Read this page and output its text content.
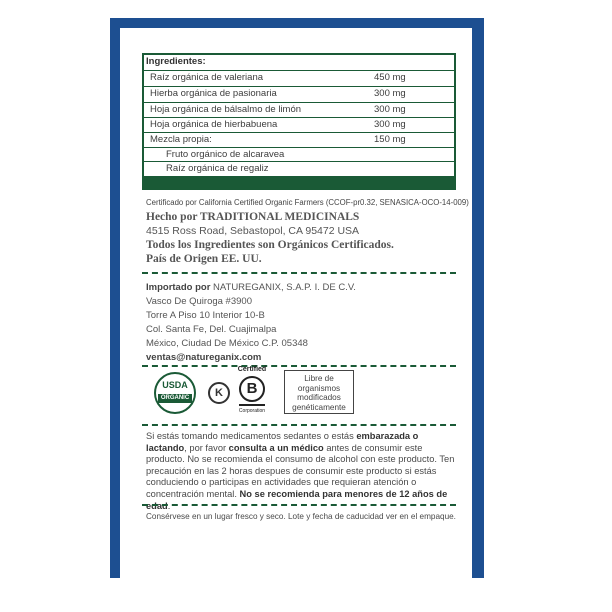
Ingredientes:
Raíz orgánica de valeriana	450 mg
Hierba orgánica de pasionaria	300 mg
Hoja orgánica de bálsalmo de limón	300 mg
Hoja orgánica de hierbabuena	300 mg
Mezcla propia:	150 mg
Fruto orgánico de alcaravea
Raíz orgánica de regaliz
Certificado por California Certified Organic Farmers (CCOF-pr0.32, SENASICA-OCO-14-009)
Hecho por TRADITIONAL MEDICINALS
4515 Ross Road, Sebastopol, CA 95472 USA
Todos los Ingredientes son Orgánicos Certificados.
País de Origen EE. UU.
Importado por NATUREGANIX, S.A.P. I. DE C.V.
Vasco De Quiroga #3900
Torre A Piso 10 Interior 10-B
Col. Santa Fe, Del. Cuajimalpa
México, Ciudad De México C.P. 05348
ventas@natureganix.com
USDA
ORGANIC	K
Certified
B
Corporation
Libre de
organismos
modificados
genéticamente
Si estás tomando medicamentos sedantes o estás embarazada o lactando, por favor consulta a un médico antes de consumir este producto. No se recomienda el consumo de alcohol con este producto. Ten precaución en las 2 horas despues de consumir este producto si estás conduciendo o participas en actividades que requieran atención o concentración mental. No se recomienda para menores de 12 años de edad.
Consérvese en un lugar fresco y seco. Lote y fecha de caducidad ver en el empaque.
